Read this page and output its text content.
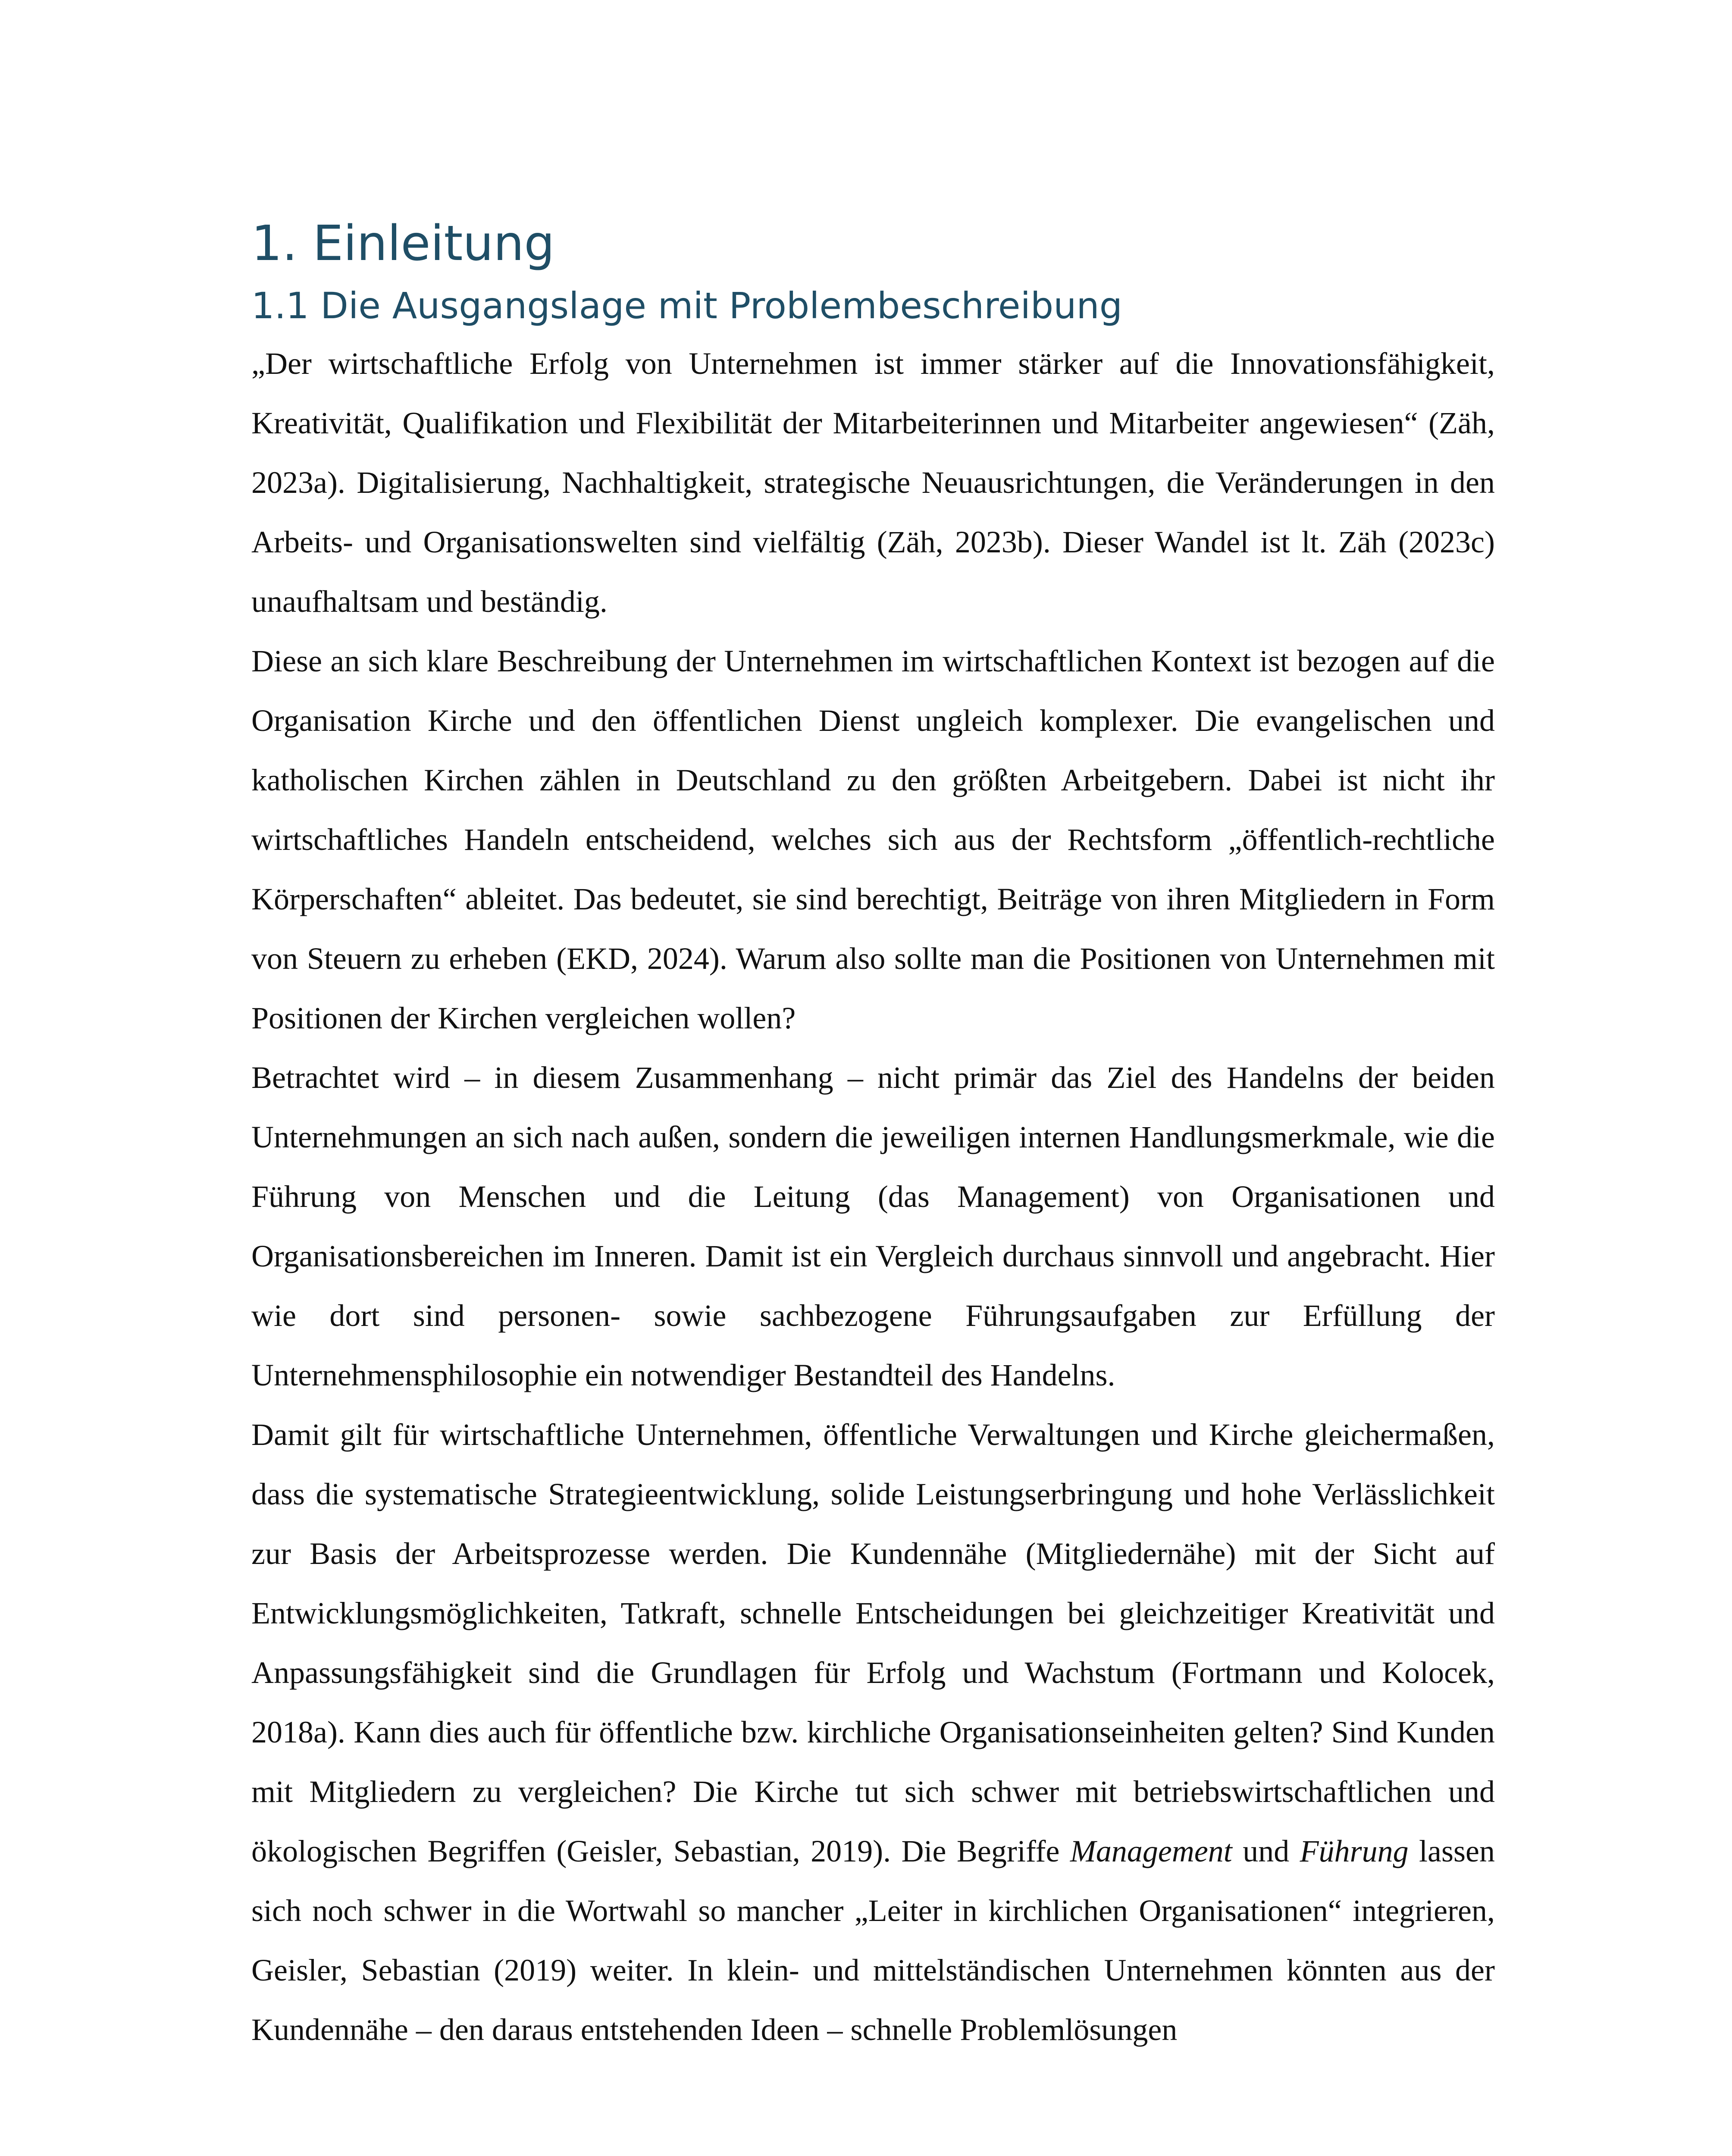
1. Einleitung
1.1 Die Ausgangslage mit Problembeschreibung

„Der wirtschaftliche Erfolg von Unternehmen ist immer stärker auf die Innovationsfähigkeit, Kreativität, Qualifikation und Flexibilität der Mitarbeiterinnen und Mitarbeiter angewiesen“ (Zäh, 2023a). Digitalisierung, Nachhaltigkeit, strategische Neuausrichtungen, die Veränderungen in den Arbeits- und Organisationswelten sind vielfältig (Zäh, 2023b). Dieser Wandel ist lt. Zäh (2023c) unaufhaltsam und beständig.

Diese an sich klare Beschreibung der Unternehmen im wirtschaftlichen Kontext ist bezogen auf die Organisation Kirche und den öffentlichen Dienst ungleich komplexer. Die evangelischen und katholischen Kirchen zählen in Deutschland zu den größten Arbeitgebern. Dabei ist nicht ihr wirtschaftliches Handeln entscheidend, welches sich aus der Rechtsform „öffentlich-rechtliche Körperschaften“ ableitet. Das bedeutet, sie sind berechtigt, Beiträge von ihren Mitgliedern in Form von Steuern zu erheben (EKD, 2024). Warum also sollte man die Positionen von Unternehmen mit Positionen der Kirchen vergleichen wollen?

Betrachtet wird – in diesem Zusammenhang – nicht primär das Ziel des Handelns der beiden Unternehmungen an sich nach außen, sondern die jeweiligen internen Handlungsmerkmale, wie die Führung von Menschen und die Leitung (das Management) von Organisationen und Organisationsbereichen im Inneren. Damit ist ein Vergleich durchaus sinnvoll und angebracht. Hier wie dort sind personen- sowie sachbezogene Führungsaufgaben zur Erfüllung der Unternehmensphilosophie ein notwendiger Bestandteil des Handelns.

Damit gilt für wirtschaftliche Unternehmen, öffentliche Verwaltungen und Kirche gleichermaßen, dass die systematische Strategieentwicklung, solide Leistungserbringung und hohe Verlässlichkeit zur Basis der Arbeitsprozesse werden. Die Kundennähe (Mitgliedernähe) mit der Sicht auf Entwicklungsmöglichkeiten, Tatkraft, schnelle Entscheidungen bei gleichzeitiger Kreativität und Anpassungsfähigkeit sind die Grundlagen für Erfolg und Wachstum (Fortmann und Kolocek, 2018a). Kann dies auch für öffentliche bzw. kirchliche Organisationseinheiten gelten? Sind Kunden mit Mitgliedern zu vergleichen? Die Kirche tut sich schwer mit betriebswirtschaftlichen und ökologischen Begriffen (Geisler, Sebastian, 2019). Die Begriffe Management und Führung lassen sich noch schwer in die Wortwahl so mancher „Leiter in kirchlichen Organisationen“ integrieren, Geisler, Sebastian (2019) weiter. In klein- und mittelständischen Unternehmen könnten aus der Kundennähe – den daraus entstehenden Ideen – schnelle Problemlösungen
